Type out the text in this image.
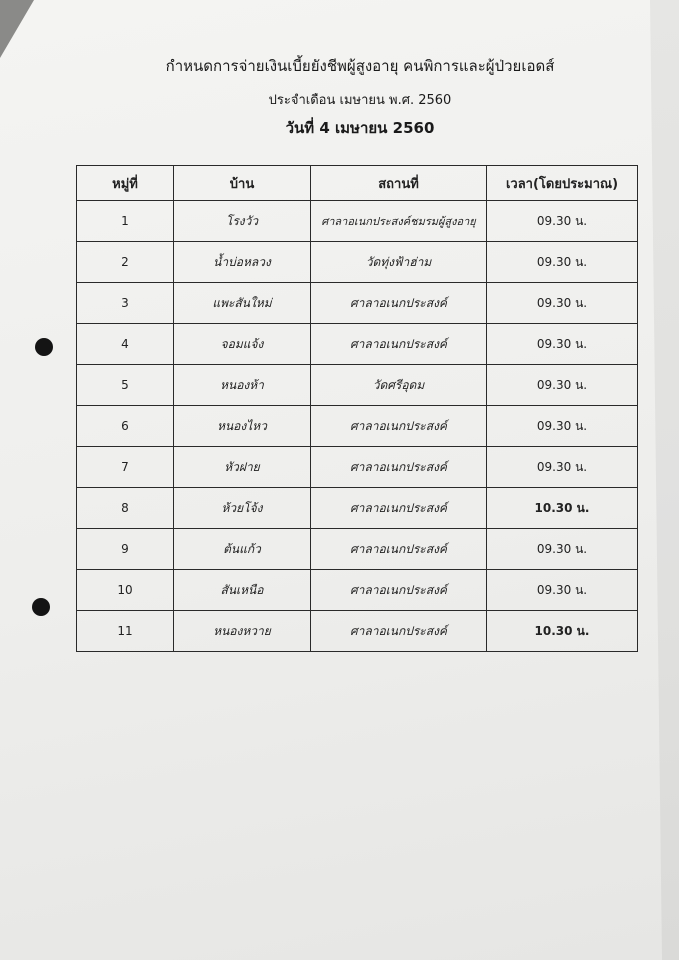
กำหนดการจ่ายเงินเบี้ยยังชีพผู้สูงอายุ คนพิการและผู้ป่วยเอดส์
ประจำเดือน เมษายน พ.ศ. 2560
วันที่ 4 เมษายน 2560
หมู่ที่	บ้าน	สถานที่	เวลา(โดยประมาณ)
1	โรงวัว	ศาลาอเนกประสงค์ชมรมผู้สูงอายุ	09.30 น.
2	น้ำบ่อหลวง	วัดทุ่งฟ้าฮ่าม	09.30 น.
3	แพะสันใหม่	ศาลาอเนกประสงค์	09.30 น.
4	จอมแจ้ง	ศาลาอเนกประสงค์	09.30 น.
5	หนองห้า	วัดศรีอุดม	09.30 น.
6	หนองไหว	ศาลาอเนกประสงค์	09.30 น.
7	หัวฝาย	ศาลาอเนกประสงค์	09.30 น.
8	ห้วยโจ้ง	ศาลาอเนกประสงค์	10.30 น.
9	ต้นแก้ว	ศาลาอเนกประสงค์	09.30 น.
10	สันเหนือ	ศาลาอเนกประสงค์	09.30 น.
11	หนองหวาย	ศาลาอเนกประสงค์	10.30 น.
